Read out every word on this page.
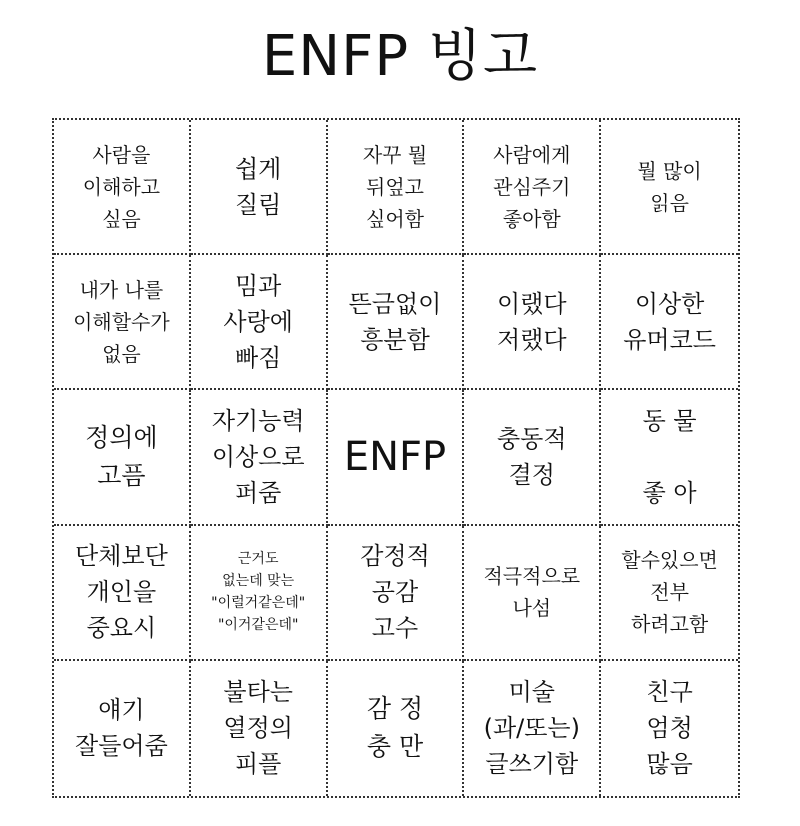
ENFP 빙고
사람을
이해하고
싶음
쉽게
질림
자꾸 뭘
뒤엎고
싶어함
사람에게
관심주기
좋아함
뭘 많이
읽음
내가 나를
이해할수가
없음
밈과
사랑에
빠짐
뜬금없이
흥분함
이랬다
저랬다
이상한
유머코드
정의에
고픔
자기능력
이상으로
퍼줌
ENFP	충동적
결정
동 물

좋 아
단체보단
개인을
중요시
근거도
없는데 맞는
"이럴거같은데"
"이거같은데"
감정적
공감
고수
적극적으로
나섬
할수있으면
전부
하려고함
얘기
잘들어줌
불타는
열정의
피플
감 정
충 만
미술
(과/또는)
글쓰기함
친구
엄청
많음
